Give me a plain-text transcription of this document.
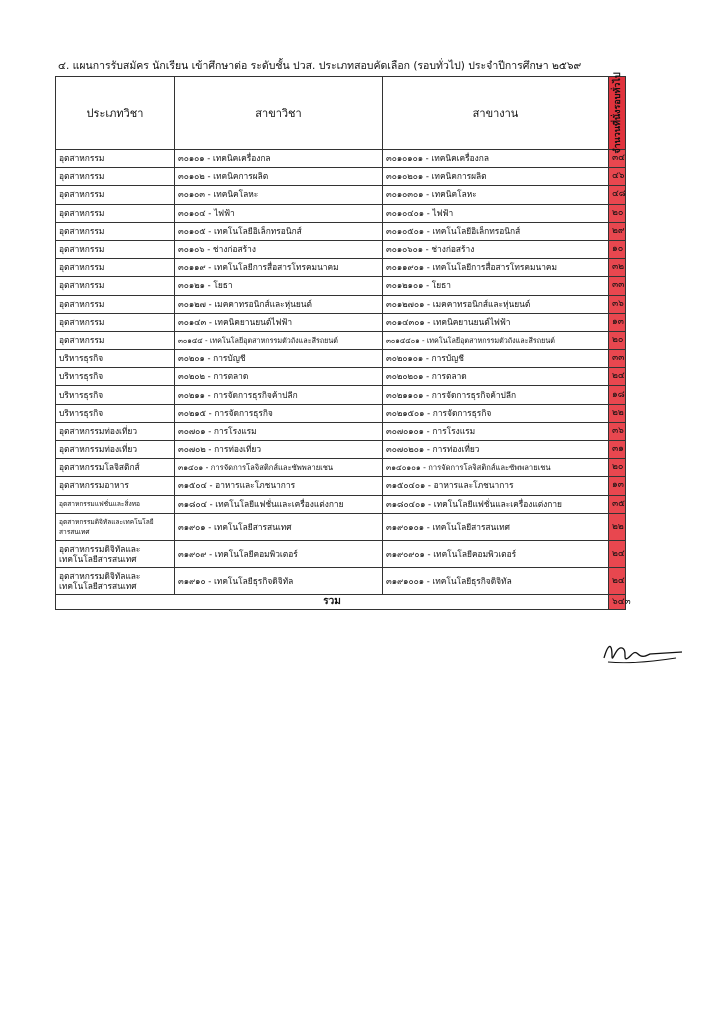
๔. แผนการรับสมัคร นักเรียน เข้าศึกษาต่อ ระดับชั้น ปวส. ประเภทสอบคัดเลือก (รอบทั่วไป) ประจำปีการศึกษา ๒๕๖๙
ประเภทวิชา	สาขาวิชา	สาขางาน	จำนวนที่นั่งรอบทั่วไป

อุตสาหกรรม	๓๐๑๐๑ - เทคนิคเครื่องกล	๓๐๑๐๑๐๑ - เทคนิคเครื่องกล	๓๔
อุตสาหกรรม	๓๐๑๐๒ - เทคนิคการผลิต	๓๐๑๐๒๐๑ - เทคนิคการผลิต	๔๖
อุตสาหกรรม	๓๐๑๐๓ - เทคนิคโลหะ	๓๐๑๐๓๐๑ - เทคนิคโลหะ	๔๘
อุตสาหกรรม	๓๐๑๐๔ - ไฟฟ้า	๓๐๑๐๔๐๑ - ไฟฟ้า	๒๐
อุตสาหกรรม	๓๐๑๐๕ - เทคโนโลยีอิเล็กทรอนิกส์	๓๐๑๐๕๐๑ - เทคโนโลยีอิเล็กทรอนิกส์	๒๙
อุตสาหกรรม	๓๐๑๐๖ - ช่างก่อสร้าง	๓๐๑๐๖๐๑ - ช่างก่อสร้าง	๑๐
อุตสาหกรรม	๓๐๑๑๙ - เทคโนโลยีการสื่อสารโทรคมนาคม	๓๐๑๑๙๐๑ - เทคโนโลยีการสื่อสารโทรคมนาคม	๓๒
อุตสาหกรรม	๓๐๑๒๑ - โยธา	๓๐๑๒๑๐๑ - โยธา	๓๓
อุตสาหกรรม	๓๐๑๒๗ - เมคคาทรอนิกส์และหุ่นยนต์	๓๐๑๒๗๐๑ - เมคคาทรอนิกส์และหุ่นยนต์	๓๖
อุตสาหกรรม	๓๐๑๔๓ - เทคนิคยานยนต์ไฟฟ้า	๓๐๑๔๓๐๑ - เทคนิคยานยนต์ไฟฟ้า	๑๓
อุตสาหกรรม	๓๐๑๔๔ - เทคโนโลยีอุตสาหกรรมตัวถังและสีรถยนต์	๓๐๑๔๔๐๑ - เทคโนโลยีอุตสาหกรรมตัวถังและสีรถยนต์	๒๐
บริหารธุรกิจ	๓๐๒๐๑ - การบัญชี	๓๐๒๐๑๐๑ - การบัญชี	๓๓
บริหารธุรกิจ	๓๐๒๐๒ - การตลาด	๓๐๒๐๒๐๑ - การตลาด	๒๔
บริหารธุรกิจ	๓๐๒๑๑ - การจัดการธุรกิจค้าปลีก	๓๐๒๑๑๐๑ - การจัดการธุรกิจค้าปลีก	๑๘
บริหารธุรกิจ	๓๐๒๑๕ - การจัดการธุรกิจ	๓๐๒๑๕๐๑ - การจัดการธุรกิจ	๒๒
อุตสาหกรรมท่องเที่ยว	๓๐๗๐๑ - การโรงแรม	๓๐๗๐๑๐๑ - การโรงแรม	๓๖
อุตสาหกรรมท่องเที่ยว	๓๐๗๐๒ - การท่องเที่ยว	๓๐๗๐๒๐๑ - การท่องเที่ยว	๓๑
อุตสาหกรรมโลจิสติกส์	๓๑๔๐๑ - การจัดการโลจิสติกส์และซัพพลายเชน	๓๑๔๐๑๐๑ - การจัดการโลจิสติกส์และซัพพลายเชน	๒๐
อุตสาหกรรมอาหาร	๓๑๕๐๔ - อาหารและโภชนาการ	๓๑๕๐๔๐๑ - อาหารและโภชนาการ	๑๓
อุตสาหกรรมแฟชั่นและสิ่งทอ	๓๑๘๐๔ - เทคโนโลยีแฟชั่นและเครื่องแต่งกาย	๓๑๘๐๔๐๑ - เทคโนโลยีแฟชั่นและเครื่องแต่งกาย	๓๕
อุตสาหกรรมดิจิทัลและเทคโนโลยีสารสนเทศ	๓๑๙๐๑ - เทคโนโลยีสารสนเทศ	๓๑๙๐๑๐๑ - เทคโนโลยีสารสนเทศ	๒๒
อุตสาหกรรมดิจิทัลและเทคโนโลยีสารสนเทศ	๓๑๙๐๙ - เทคโนโลยีคอมพิวเตอร์	๓๑๙๐๙๐๑ - เทคโนโลยีคอมพิวเตอร์	๒๔
อุตสาหกรรมดิจิทัลและเทคโนโลยีสารสนเทศ	๓๑๙๑๐ - เทคโนโลยีธุรกิจดิจิทัล	๓๑๙๑๐๐๑ - เทคโนโลยีธุรกิจดิจิทัล	๒๔
รวม			๖๔๓
